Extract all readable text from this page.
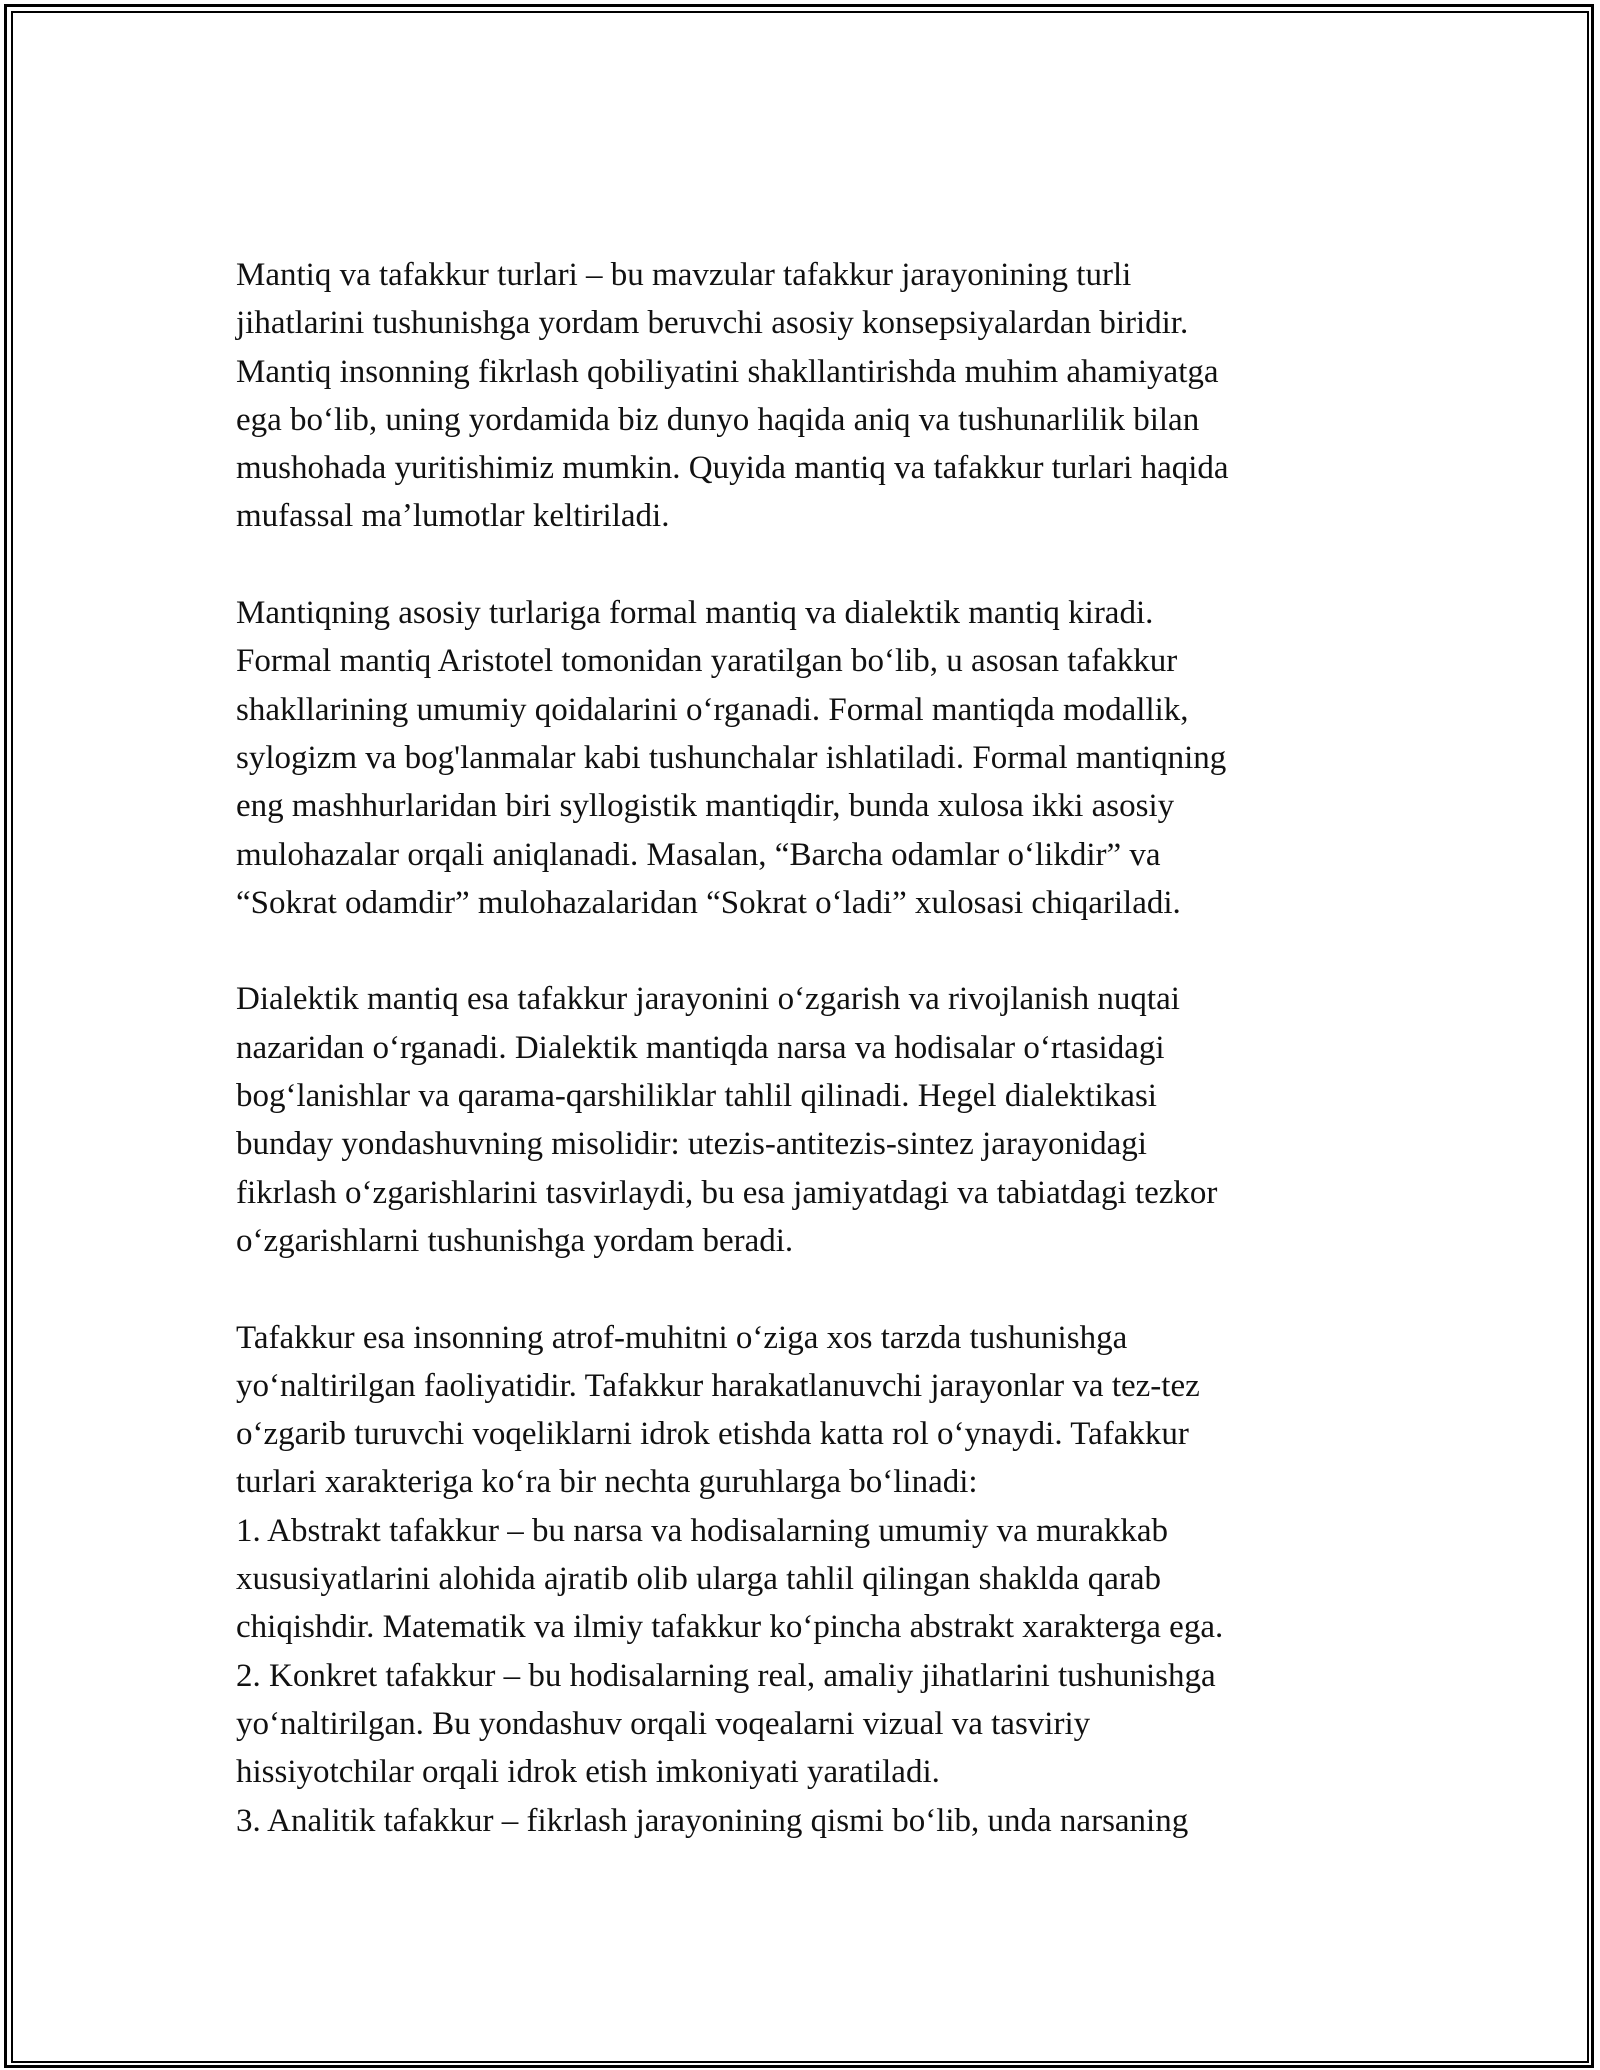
Mantiq va tafakkur turlari – bu mavzular tafakkur jarayonining turli
jihatlarini tushunishga yordam beruvchi asosiy konsepsiyalardan biridir.
Mantiq insonning fikrlash qobiliyatini shakllantirishda muhim ahamiyatga
ega boʻlib, uning yordamida biz dunyo haqida aniq va tushunarlilik bilan
mushohada yuritishimiz mumkin. Quyida mantiq va tafakkur turlari haqida
mufassal maʼlumotlar keltiriladi.

Mantiqning asosiy turlariga formal mantiq va dialektik mantiq kiradi.
Formal mantiq Aristotel tomonidan yaratilgan boʻlib, u asosan tafakkur
shakllarining umumiy qoidalarini oʻrganadi. Formal mantiqda modallik,
sylogizm va bog'lanmalar kabi tushunchalar ishlatiladi. Formal mantiqning
eng mashhurlaridan biri syllogistik mantiqdir, bunda xulosa ikki asosiy
mulohazalar orqali aniqlanadi. Masalan, “Barcha odamlar oʻlikdir” va
“Sokrat odamdir” mulohazalaridan “Sokrat oʻladi” xulosasi chiqariladi.

Dialektik mantiq esa tafakkur jarayonini oʻzgarish va rivojlanish nuqtai
nazaridan oʻrganadi. Dialektik mantiqda narsa va hodisalar oʻrtasidagi
bogʻlanishlar va qarama-qarshiliklar tahlil qilinadi. Hegel dialektikasi
bunday yondashuvning misolidir: utezis-antitezis-sintez jarayonidagi
fikrlash oʻzgarishlarini tasvirlaydi, bu esa jamiyatdagi va tabiatdagi tezkor
oʻzgarishlarni tushunishga yordam beradi.

Tafakkur esa insonning atrof-muhitni oʻziga xos tarzda tushunishga
yoʻnaltirilgan faoliyatidir. Tafakkur harakatlanuvchi jarayonlar va tez-tez
oʻzgarib turuvchi voqeliklarni idrok etishda katta rol oʻynaydi. Tafakkur
turlari xarakteriga koʻra bir nechta guruhlarga boʻlinadi:
1. Abstrakt tafakkur – bu narsa va hodisalarning umumiy va murakkab
xususiyatlarini alohida ajratib olib ularga tahlil qilingan shaklda qarab
chiqishdir. Matematik va ilmiy tafakkur koʻpincha abstrakt xarakterga ega.
2. Konkret tafakkur – bu hodisalarning real, amaliy jihatlarini tushunishga
yoʻnaltirilgan. Bu yondashuv orqali voqealarni vizual va tasviriy
hissiyotchilar orqali idrok etish imkoniyati yaratiladi.
3. Analitik tafakkur – fikrlash jarayonining qismi boʻlib, unda narsaning
